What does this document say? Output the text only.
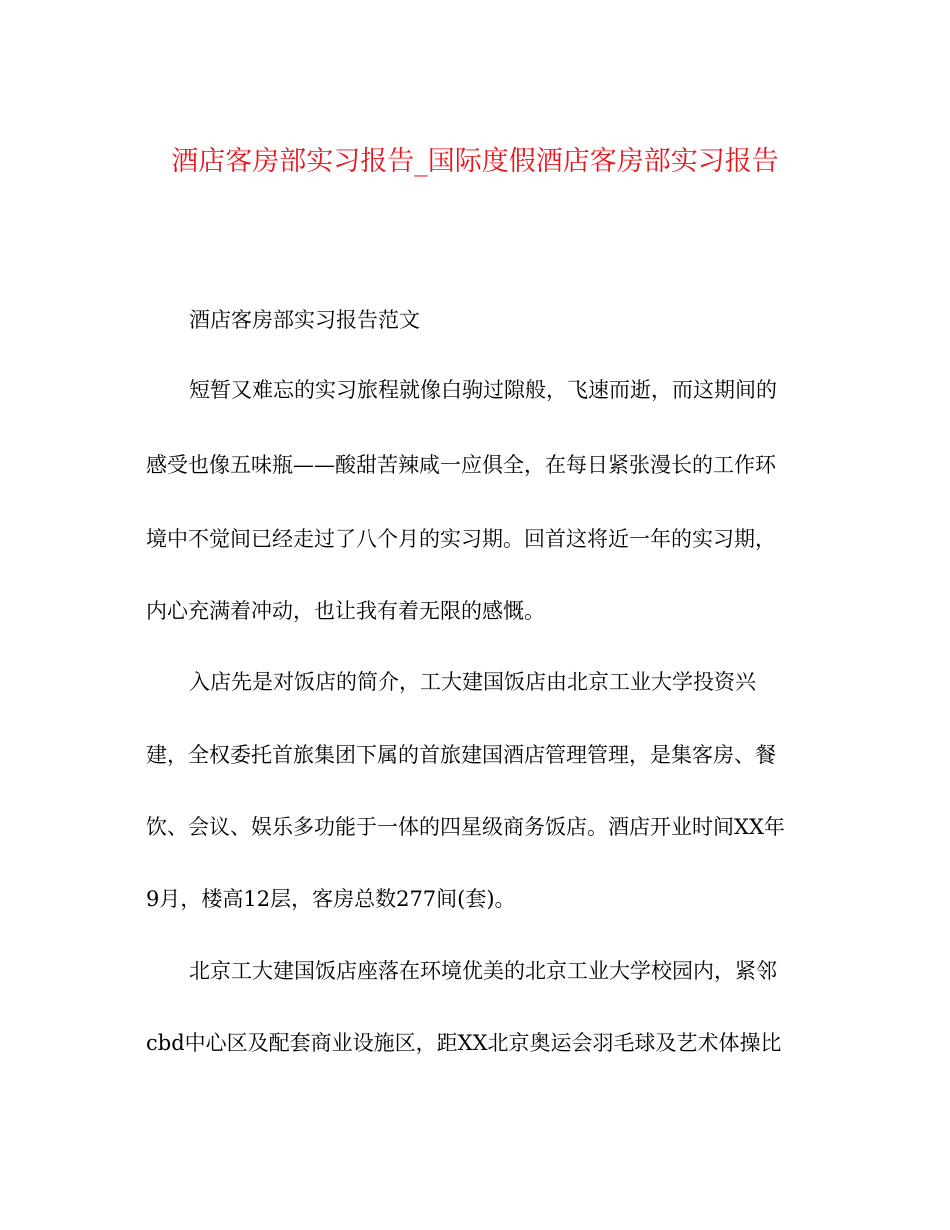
酒店客房部实习报告_国际度假酒店客房部实习报告

酒店客房部实习报告范文

短暂又难忘的实习旅程就像白驹过隙般，飞速而逝，而这期间的

感受也像五味瓶——酸甜苦辣咸一应俱全，在每日紧张漫长的工作环

境中不觉间已经走过了八个月的实习期。回首这将近一年的实习期，

内心充满着冲动，也让我有着无限的感慨。

入店先是对饭店的简介，工大建国饭店由北京工业大学投资兴

建，全权委托首旅集团下属的首旅建国酒店管理管理，是集客房、餐

饮、会议、娱乐多功能于一体的四星级商务饭店。酒店开业时间XX年

9月，楼高12层，客房总数277间(套)。

北京工大建国饭店座落在环境优美的北京工业大学校园内，紧邻

cbd中心区及配套商业设施区，距XX北京奥运会羽毛球及艺术体操比
